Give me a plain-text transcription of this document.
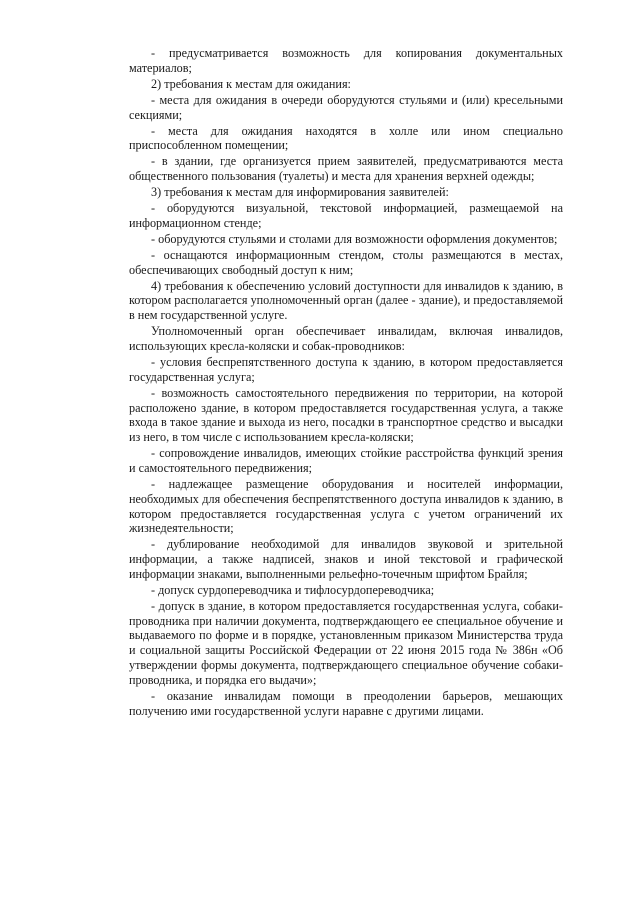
- предусматривается возможность для копирования документальных материалов;

2) требования к местам для ожидания:

- места для ожидания в очереди оборудуются стульями и (или) кресельными секциями;

- места для ожидания находятся в холле или ином специально приспособленном помещении;

- в здании, где организуется прием заявителей, предусматриваются места общественного пользования (туалеты) и места для хранения верхней одежды;

3) требования к местам для информирования заявителей:

- оборудуются визуальной, текстовой информацией, размещаемой на информационном стенде;

- оборудуются стульями и столами для возможности оформления документов;

- оснащаются информационным стендом, столы размещаются в местах, обеспечивающих свободный доступ к ним;

4) требования к обеспечению условий доступности для инвалидов к зданию, в котором располагается уполномоченный орган (далее - здание), и предоставляемой в нем государственной услуге.

Уполномоченный орган обеспечивает инвалидам, включая инвалидов, использующих кресла-коляски и собак-проводников:

- условия беспрепятственного доступа к зданию, в котором предоставляется государственная услуга;

- возможность самостоятельного передвижения по территории, на которой расположено здание, в котором предоставляется государственная услуга, а также входа в такое здание и выхода из него, посадки в транспортное средство и высадки из него, в том числе с использованием кресла-коляски;

- сопровождение инвалидов, имеющих стойкие расстройства функций зрения и самостоятельного передвижения;

- надлежащее размещение оборудования и носителей информации, необходимых для обеспечения беспрепятственного доступа инвалидов к зданию, в котором предоставляется государственная услуга с учетом ограничений их жизнедеятельности;

- дублирование необходимой для инвалидов звуковой и зрительной информации, а также надписей, знаков и иной текстовой и графической информации знаками, выполненными рельефно-точечным шрифтом Брайля;

- допуск сурдопереводчика и тифлосурдопереводчика;

- допуск в здание, в котором предоставляется государственная услуга, собаки-проводника при наличии документа, подтверждающего ее специальное обучение и выдаваемого по форме и в порядке, установленным приказом Министерства труда и социальной защиты Российской Федерации от 22 июня 2015 года № 386н «Об утверждении формы документа, подтверждающего специальное обучение собаки-проводника, и порядка его выдачи»;

- оказание инвалидам помощи в преодолении барьеров, мешающих получению ими государственной услуги наравне с другими лицами.
